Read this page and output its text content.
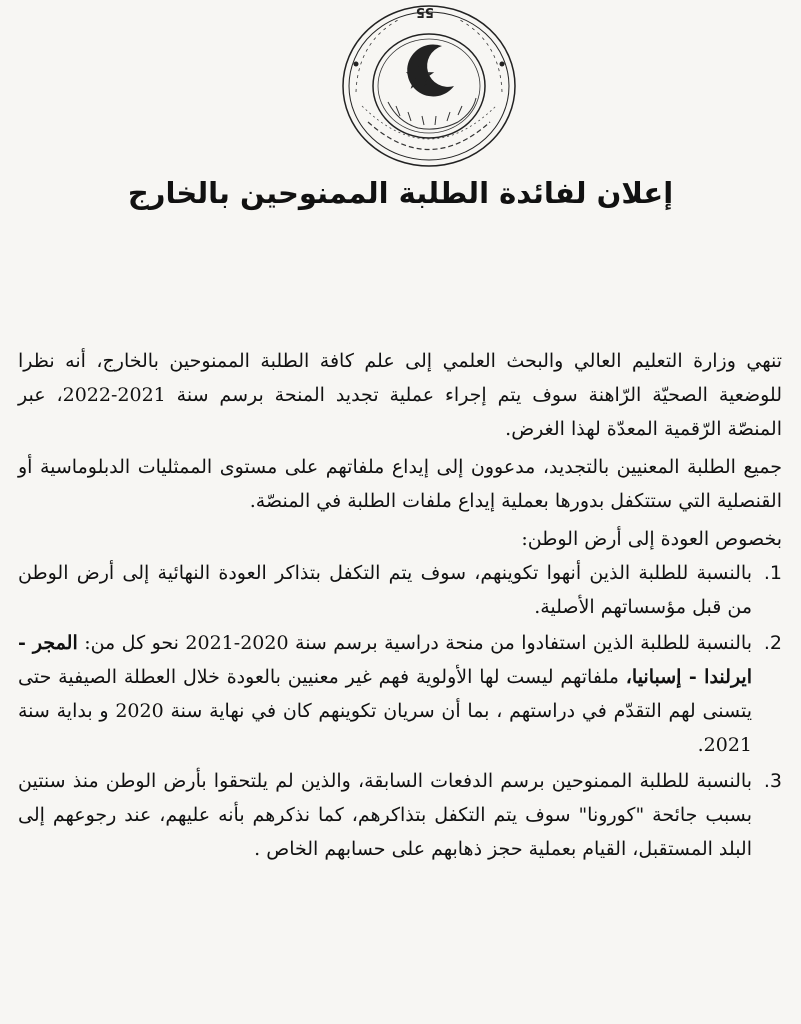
55
إعلان لفائدة الطلبة الممنوحين بالخارج

تنهي وزارة التعليم العالي والبحث العلمي إلى علم كافة الطلبة الممنوحين بالخارج، أنه نظرا للوضعية الصحيّة الرّاهنة سوف يتم إجراء عملية تجديد المنحة برسم سنة 2021-2022، عبر المنصّة الرّقمية المعدّة لهذا الغرض.

جميع الطلبة المعنيين بالتجديد، مدعوون إلى إيداع ملفاتهم على مستوى الممثليات الدبلوماسية أو القنصلية التي ستتكفل بدورها بعملية إيداع ملفات الطلبة في المنصّة.

بخصوص العودة إلى أرض الوطن:

.1
بالنسبة للطلبة الذين أنهوا تكوينهم، سوف يتم التكفل بتذاكر العودة النهائية إلى أرض الوطن من قبل مؤسساتهم الأصلية.
.2
بالنسبة للطلبة الذين استفادوا من منحة دراسية برسم سنة 2020-2021 نحو كل من: المجر - ايرلندا - إسبانيا، ملفاتهم ليست لها الأولوية فهم غير معنيين بالعودة خلال العطلة الصيفية حتى يتسنى لهم التقدّم في دراستهم ، بما أن سريان تكوينهم كان في نهاية سنة 2020 و بداية سنة 2021.
.3
بالنسبة للطلبة الممنوحين برسم الدفعات السابقة، والذين لم يلتحقوا بأرض الوطن منذ سنتين بسبب جائحة "كورونا" سوف يتم التكفل بتذاكرهم، كما نذكرهم بأنه عليهم، عند رجوعهم إلى البلد المستقبل، القيام بعملية حجز ذهابهم على حسابهم الخاص .
